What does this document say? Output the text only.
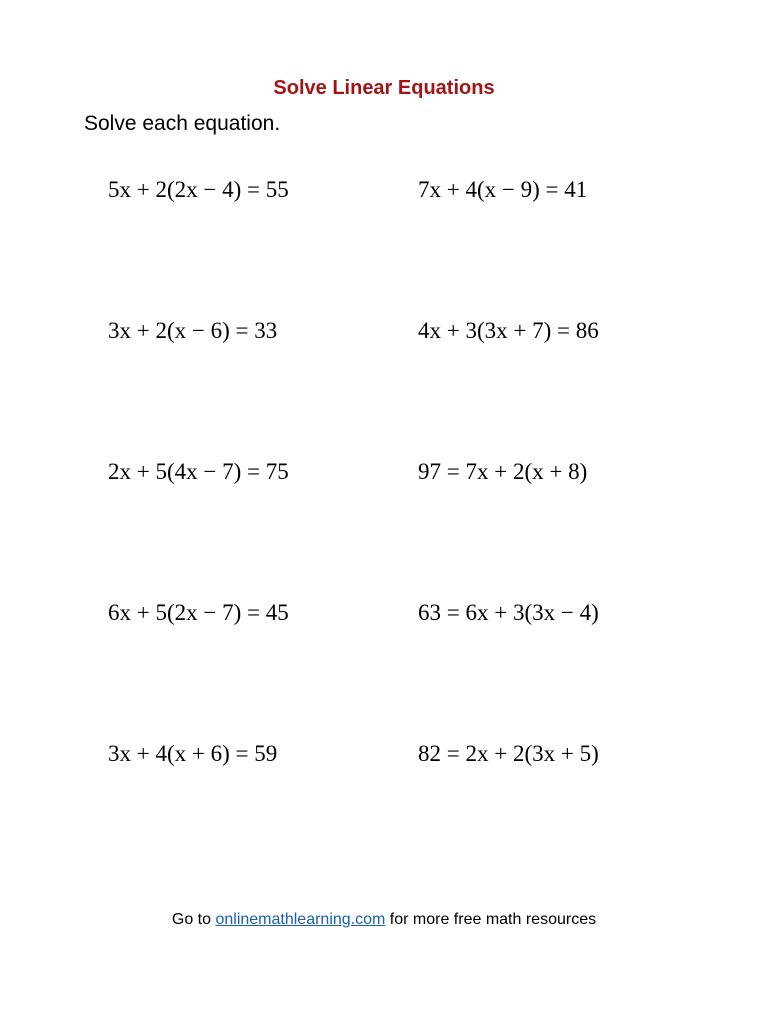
Solve Linear Equations
Solve each equation.
5x + 2(2x − 4) = 55	7x + 4(x − 9) = 41
3x + 2(x − 6) = 33	4x + 3(3x + 7) = 86
2x + 5(4x − 7) = 75	97 = 7x + 2(x + 8)
6x + 5(2x − 7) = 45	63 = 6x + 3(3x − 4)
3x + 4(x + 6) = 59	82 = 2x + 2(3x + 5)
Go to onlinemathlearning.com for more free math resources
